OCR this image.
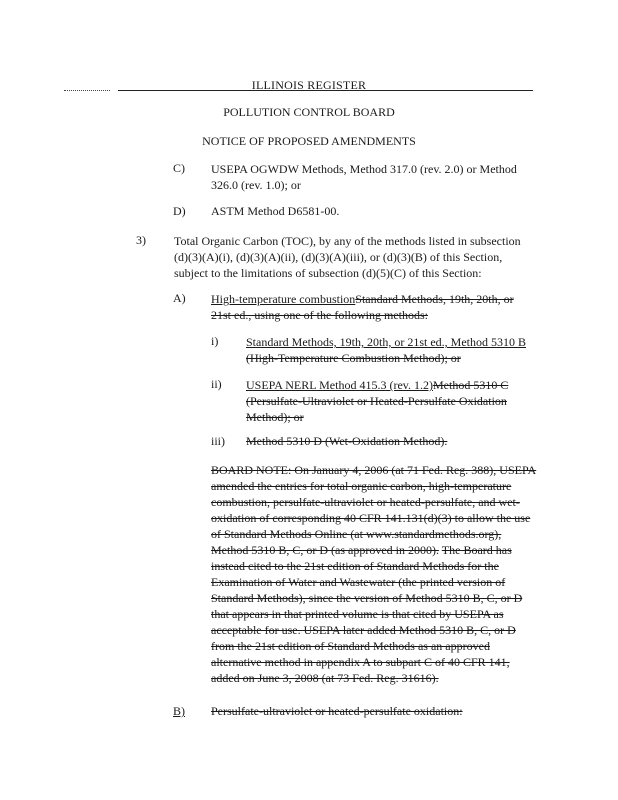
ILLINOIS REGISTER
POLLUTION CONTROL BOARD
NOTICE OF PROPOSED AMENDMENTS
C) USEPA OGWDW Methods, Method 317.0 (rev. 2.0) or Method 326.0 (rev. 1.0); or
D) ASTM Method D6581-00.
3) Total Organic Carbon (TOC), by any of the methods listed in subsection (d)(3)(A)(i), (d)(3)(A)(ii), (d)(3)(A)(iii), or (d)(3)(B) of this Section, subject to the limitations of subsection (d)(5)(C) of this Section:
A) High-temperature combustionStandard Methods, 19th, 20th, or 21st ed., using one of the following methods:
i) Standard Methods, 19th, 20th, or 21st ed., Method 5310 B (High-Temperature Combustion Method); or
ii) USEPA NERL Method 415.3 (rev. 1.2)Method 5310 C (Persulfate-Ultraviolet or Heated-Persulfate Oxidation Method); or
iii) Method 5310 D (Wet-Oxidation Method).
BOARD NOTE: On January 4, 2006 (at 71 Fed. Reg. 388), USEPA amended the entries for total organic carbon, high-temperature combustion, persulfate-ultraviolet or heated-persulfate, and wet-oxidation of corresponding 40 CFR 141.131(d)(3) to allow the use of Standard Methods Online (at www.standardmethods.org), Method 5310 B, C, or D (as approved in 2000). The Board has instead cited to the 21st edition of Standard Methods for the Examination of Water and Wastewater (the printed version of Standard Methods), since the version of Method 5310 B, C, or D that appears in that printed volume is that cited by USEPA as acceptable for use. USEPA later added Method 5310 B, C, or D from the 21st edition of Standard Methods as an approved alternative method in appendix A to subpart C of 40 CFR 141, added on June 3, 2008 (at 73 Fed. Reg. 31616).
B) Persulfate-ultraviolet or heated-persulfate oxidation:
